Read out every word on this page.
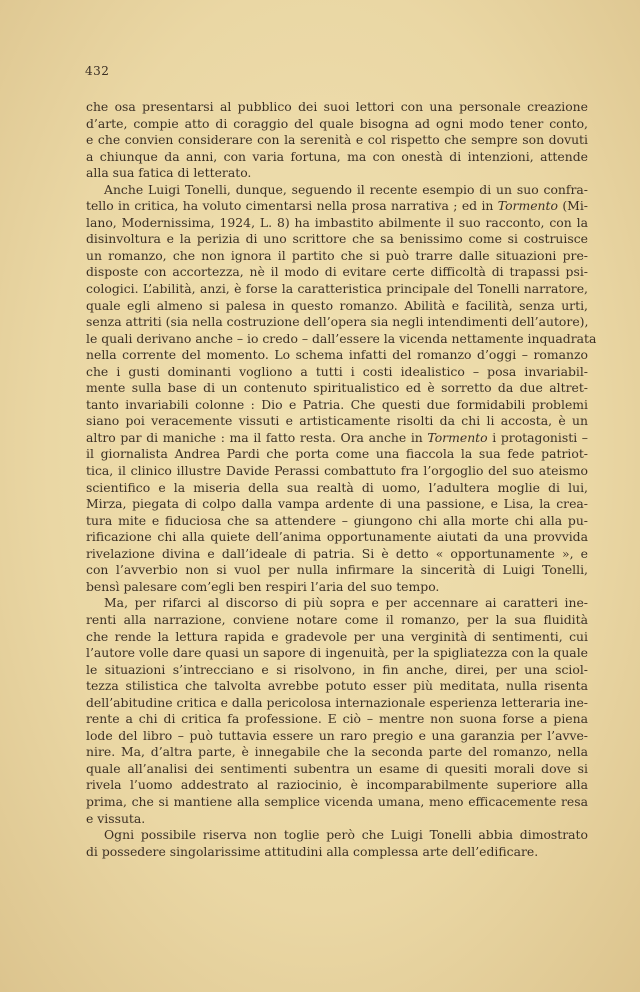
432
che osa presentarsi al pubblico dei suoi lettori con una personale creazione
d’arte, compie atto di coraggio del quale bisogna ad ogni modo tener conto,
e che convien considerare con la serenità e col rispetto che sempre son dovuti
a chiunque da anni, con varia fortuna, ma con onestà di intenzioni, attende
alla sua fatica di letterato.
Anche Luigi Tonelli, dunque, seguendo il recente esempio di un suo confra-
tello in critica, ha voluto cimentarsi nella prosa narrativa ; ed in Tormento (Mi-
lano, Modernissima, 1924, L. 8) ha imbastito abilmente il suo racconto, con la
disinvoltura e la perizia di uno scrittore che sa benissimo come si costruisce
un romanzo, che non ignora il partito che si può trarre dalle situazioni pre-
disposte con accortezza, nè il modo di evitare certe difficoltà di trapassi psi-
cologici. L’abilità, anzi, è forse la caratteristica principale del Tonelli narratore,
quale egli almeno si palesa in questo romanzo. Abilità e facilità, senza urti,
senza attriti (sia nella costruzione dell’opera sia negli intendimenti dell’autore),
le quali derivano anche – io credo – dall’essere la vicenda nettamente inquadrata
nella corrente del momento. Lo schema infatti del romanzo d’oggi – romanzo
che i gusti dominanti vogliono a tutti i costi idealistico – posa invariabil-
mente sulla base di un contenuto spiritualistico ed è sorretto da due altret-
tanto invariabili colonne : Dio e Patria. Che questi due formidabili problemi
siano poi veracemente vissuti e artisticamente risolti da chi li accosta, è un
altro par di maniche : ma il fatto resta. Ora anche in Tormento i protagonisti –
il giornalista Andrea Pardi che porta come una fiaccola la sua fede patriot-
tica, il clinico illustre Davide Perassi combattuto fra l’orgoglio del suo ateismo
scientifico e la miseria della sua realtà di uomo, l’adultera moglie di lui,
Mirza, piegata di colpo dalla vampa ardente di una passione, e Lisa, la crea-
tura mite e fiduciosa che sa attendere – giungono chi alla morte chi alla pu-
rificazione chi alla quiete dell’anima opportunamente aiutati da una provvida
rivelazione divina e dall’ideale di patria. Si è detto « opportunamente », e
con l’avverbio non si vuol per nulla infirmare la sincerità di Luigi Tonelli,
bensì palesare com’egli ben respiri l’aria del suo tempo.
Ma, per rifarci al discorso di più sopra e per accennare ai caratteri ine-
renti alla narrazione, conviene notare come il romanzo, per la sua fluidità
che rende la lettura rapida e gradevole per una verginità di sentimenti, cui
l’autore volle dare quasi un sapore di ingenuità, per la spigliatezza con la quale
le situazioni s’intrecciano e si risolvono, in fin anche, direi, per una sciol-
tezza stilistica che talvolta avrebbe potuto esser più meditata, nulla risenta
dell’abitudine critica e dalla pericolosa internazionale esperienza letteraria ine-
rente a chi di critica fa professione. E ciò – mentre non suona forse a piena
lode del libro – può tuttavia essere un raro pregio e una garanzia per l’avve-
nire. Ma, d’altra parte, è innegabile che la seconda parte del romanzo, nella
quale all’analisi dei sentimenti subentra un esame di quesiti morali dove si
rivela l’uomo addestrato al raziocinio, è incomparabilmente superiore alla
prima, che si mantiene alla semplice vicenda umana, meno efficacemente resa
e vissuta.
Ogni possibile riserva non toglie però che Luigi Tonelli abbia dimostrato
di possedere singolarissime attitudini alla complessa arte dell’edificare.
